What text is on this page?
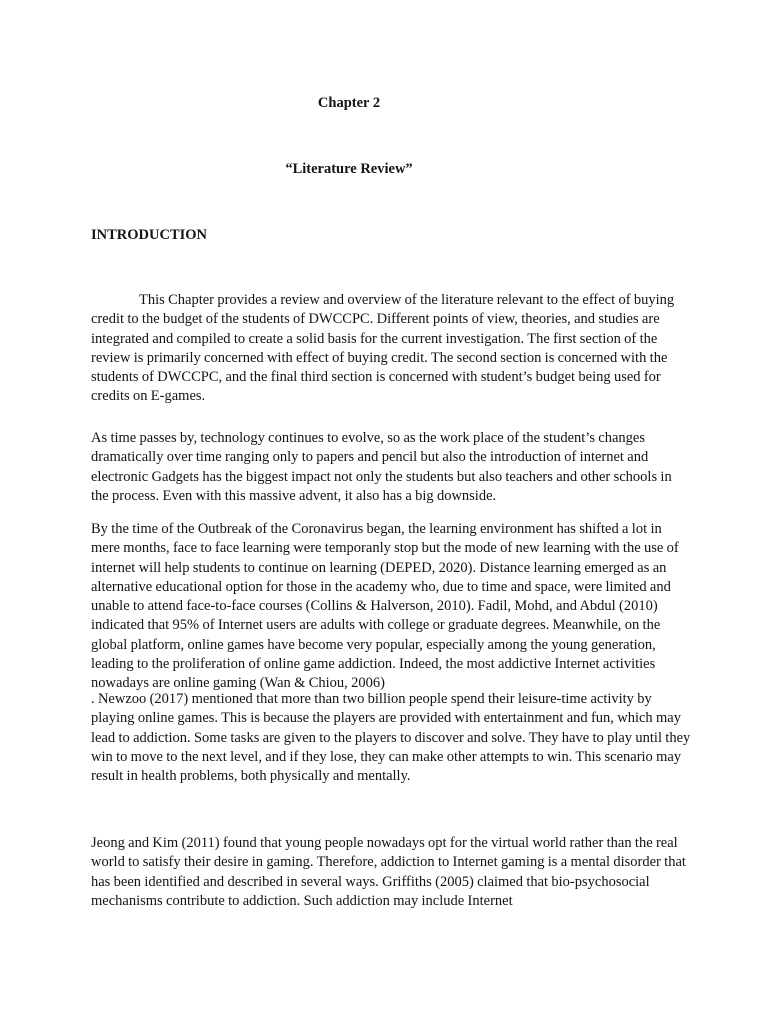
Chapter 2
“Literature Review”
INTRODUCTION

This Chapter provides a review and overview of the literature relevant to the effect of buying credit to the budget of the students of DWCCPC. Different points of view, theories, and studies are integrated and compiled to create a solid basis for the current investigation. The first section of the review is primarily concerned with effect of buying credit. The second section is concerned with the students of DWCCPC, and the final third section is concerned with student’s budget being used for credits on E-games.

As time passes by, technology continues to evolve, so as the work place of the student’s changes dramatically over time ranging only to papers and pencil but also the introduction of internet and electronic Gadgets has the biggest impact not only the students but also teachers and other schools in the process. Even with this massive advent, it also has a big downside.

By the time of the Outbreak of the Coronavirus began, the learning environment has shifted a lot in mere months, face to face learning were temporanly stop but the mode of new learning with the use of internet will help students to continue on learning (DEPED, 2020). Distance learning emerged as an alternative educational option for those in the academy who, due to time and space, were limited and unable to attend face-to-face courses (Collins & Halverson, 2010). Fadil, Mohd, and Abdul (2010) indicated that 95% of Internet users are adults with college or graduate degrees. Meanwhile, on the global platform, online games have become very popular, especially among the young generation, leading to the proliferation of online game addiction. Indeed, the most addictive Internet activities nowadays are online gaming (Wan & Chiou, 2006)

. Newzoo (2017) mentioned that more than two billion people spend their leisure-time activity by playing online games. This is because the players are provided with entertainment and fun, which may lead to addiction. Some tasks are given to the players to discover and solve. They have to play until they win to move to the next level, and if they lose, they can make other attempts to win. This scenario may result in health problems, both physically and mentally.

Jeong and Kim (2011) found that young people nowadays opt for the virtual world rather than the real world to satisfy their desire in gaming. Therefore, addiction to Internet gaming is a mental disorder that has been identified and described in several ways. Griffiths (2005) claimed that bio-psychosocial mechanisms contribute to addiction. Such addiction may include Internet
